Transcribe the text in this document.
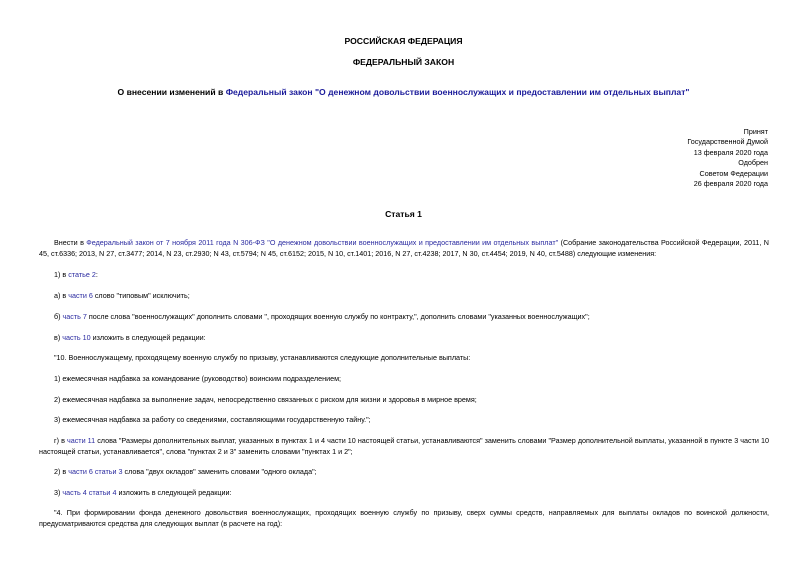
РОССИЙСКАЯ ФЕДЕРАЦИЯ
ФЕДЕРАЛЬНЫЙ ЗАКОН
О внесении изменений в Федеральный закон "О денежном довольствии военнослужащих и предоставлении им отдельных выплат"
Принят
Государственной Думой
13 февраля 2020 года
Одобрен
Советом Федерации
26 февраля 2020 года
Статья 1
Внести в Федеральный закон от 7 ноября 2011 года N 306-ФЗ "О денежном довольствии военнослужащих и предоставлении им отдельных выплат" (Собрание законодательства Российской Федерации, 2011, N 45, ст.6336; 2013, N 27, ст.3477; 2014, N 23, ст.2930; N 43, ст.5794; N 45, ст.6152; 2015, N 10, ст.1401; 2016, N 27, ст.4238; 2017, N 30, ст.4454; 2019, N 40, ст.5488) следующие изменения:
1) в статье 2:
а) в части 6 слово "типовым" исключить;
б) часть 7 после слова "военнослужащих" дополнить словами ", проходящих военную службу по контракту,", дополнить словами "указанных военнослужащих";
в) часть 10 изложить в следующей редакции:
"10. Военнослужащему, проходящему военную службу по призыву, устанавливаются следующие дополнительные выплаты:
1) ежемесячная надбавка за командование (руководство) воинским подразделением;
2) ежемесячная надбавка за выполнение задач, непосредственно связанных с риском для жизни и здоровья в мирное время;
3) ежемесячная надбавка за работу со сведениями, составляющими государственную тайну.";
г) в части 11 слова "Размеры дополнительных выплат, указанных в пунктах 1 и 4 части 10 настоящей статьи, устанавливаются" заменить словами "Размер дополнительной выплаты, указанной в пункте 3 части 10 настоящей статьи, устанавливается", слова "пунктах 2 и 3" заменить словами "пунктах 1 и 2";
2) в части 6 статьи 3 слова "двух окладов" заменить словами "одного оклада";
3) часть 4 статьи 4 изложить в следующей редакции:
"4. При формировании фонда денежного довольствия военнослужащих, проходящих военную службу по призыву, сверх суммы средств, направляемых для выплаты окладов по воинской должности, предусматриваются средства для следующих выплат (в расчете на год):
